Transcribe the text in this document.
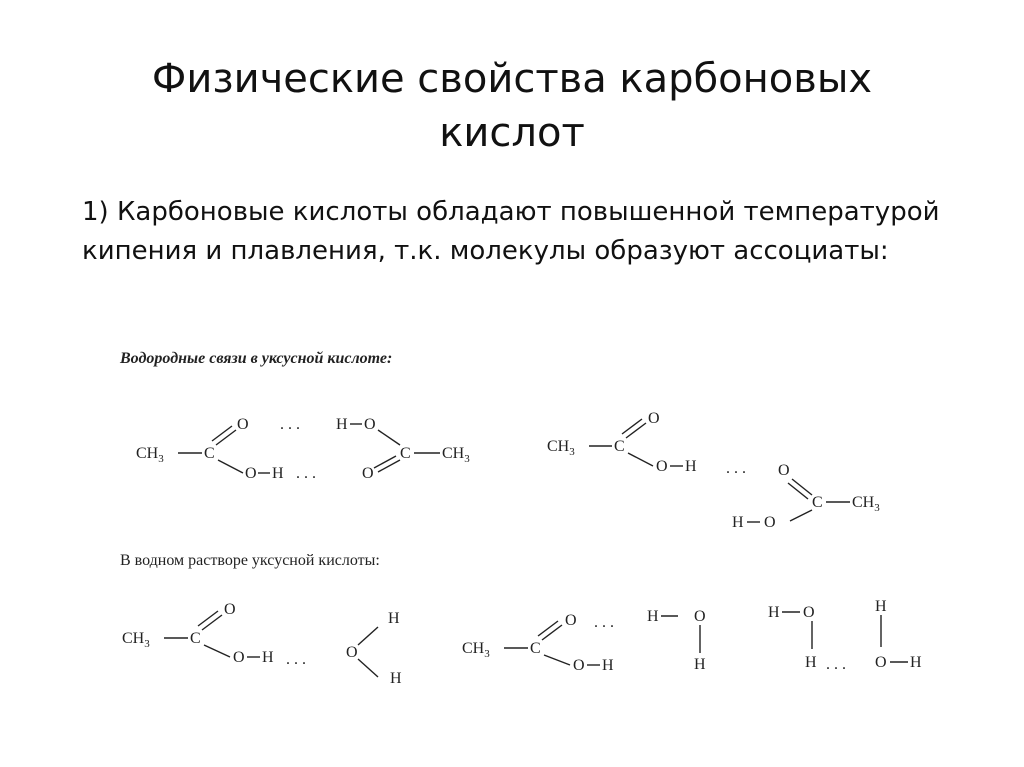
Физические свойства карбоновых
кислот
1) Карбоновые кислоты обладают повышенной температурой кипения и плавления, т.к. молекулы образуют ассоциаты:
Водородные связи в уксусной кислоте:
В водном растворе уксусной кислоты:
$CH_3$	C
O
O H . . .
. . . H O
C
O
$CH_3$
$CH_3$ C
O
O H . . . O
C $CH_3$
H O
$CH_3$	C
O
O H . . .	O
H
H
$CH_3$	C
O
O H
. . . H O
H
H O
H . . .
H
O H
